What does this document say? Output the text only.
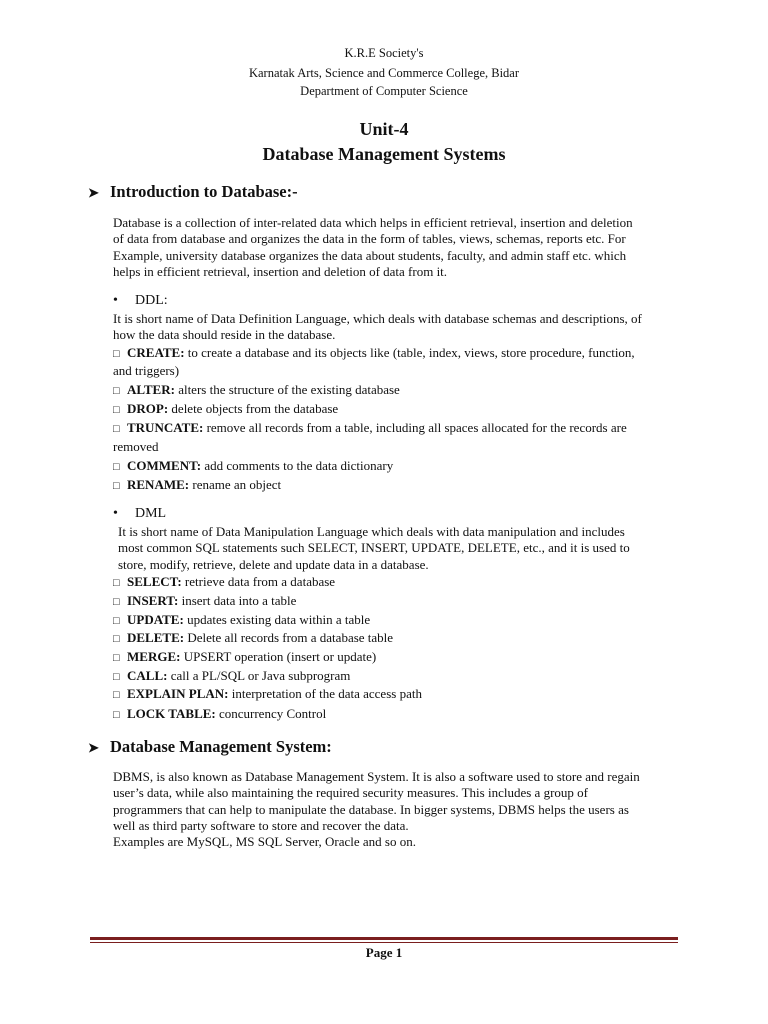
K.R.E Society's
Karnatak Arts, Science and Commerce College, Bidar
Department of Computer Science
Unit-4
Database Management Systems
➤ Introduction to Database:-
Database is a collection of inter-related data which helps in efficient retrieval, insertion and deletion
of data from database and organizes the data in the form of tables, views, schemas, reports etc. For
Example, university database organizes the data about students, faculty, and admin staff etc. which
helps in efficient retrieval, insertion and deletion of data from it.
• DDL:
It is short name of Data Definition Language, which deals with database schemas and descriptions, of
how the data should reside in the database.
□ CREATE: to create a database and its objects like (table, index, views, store procedure, function,
and triggers)
□ ALTER: alters the structure of the existing database
□ DROP: delete objects from the database
□ TRUNCATE: remove all records from a table, including all spaces allocated for the records are
removed
□ COMMENT: add comments to the data dictionary
□ RENAME: rename an object
• DML
It is short name of Data Manipulation Language which deals with data manipulation and includes
most common SQL statements such SELECT, INSERT, UPDATE, DELETE, etc., and it is used to
store, modify, retrieve, delete and update data in a database.
□ SELECT: retrieve data from a database
□ INSERT: insert data into a table
□ UPDATE: updates existing data within a table
□ DELETE: Delete all records from a database table
□ MERGE: UPSERT operation (insert or update)
□ CALL: call a PL/SQL or Java subprogram
□ EXPLAIN PLAN: interpretation of the data access path
□ LOCK TABLE: concurrency Control
➤ Database Management System:
DBMS, is also known as Database Management System. It is also a software used to store and regain
user’s data, while also maintaining the required security measures. This includes a group of
programmers that can help to manipulate the database. In bigger systems, DBMS helps the users as
well as third party software to store and recover the data.
Examples are MySQL, MS SQL Server, Oracle and so on.
Page 1
